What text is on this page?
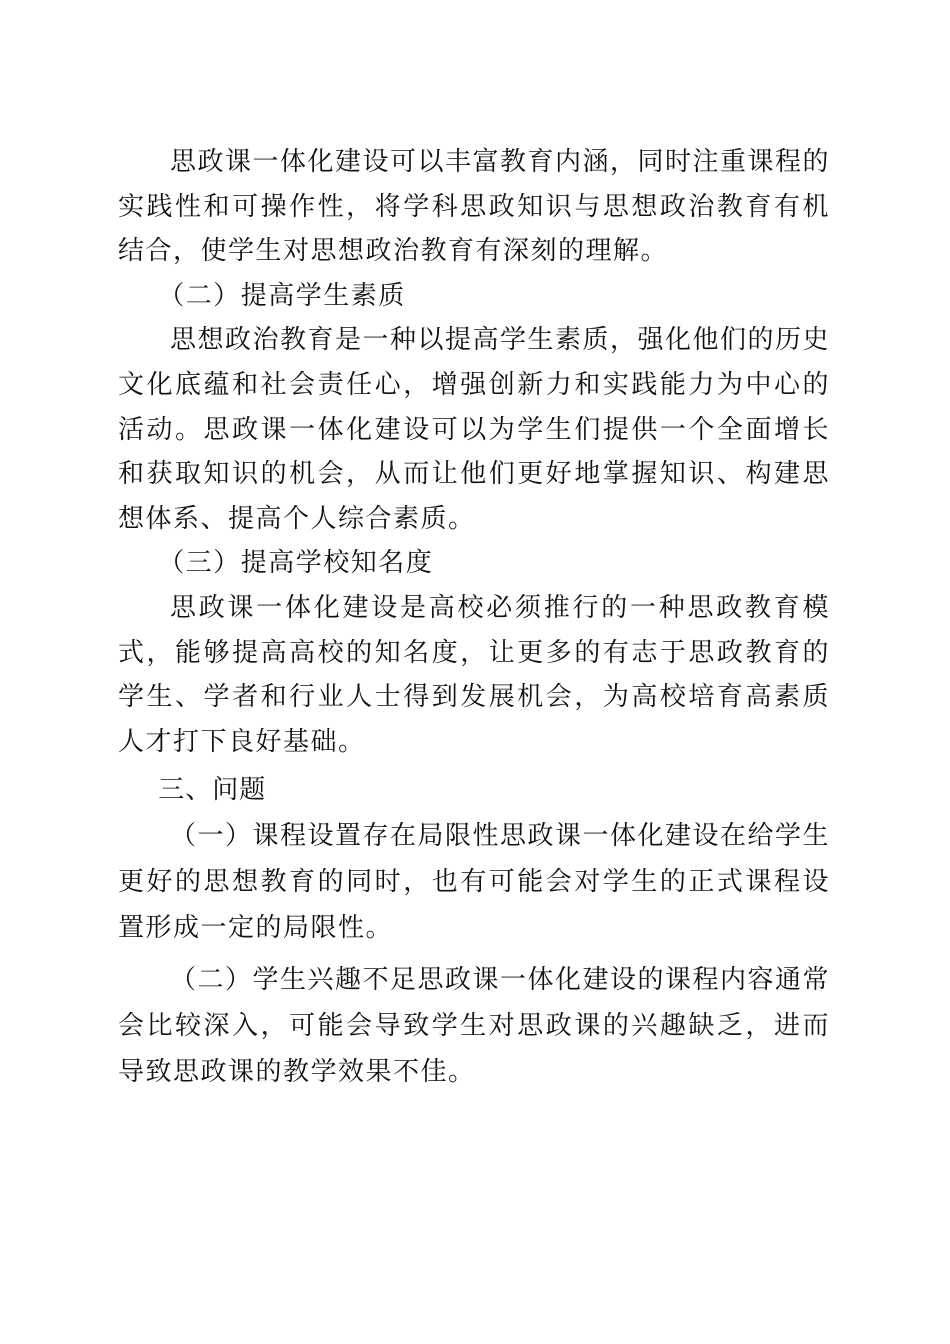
思政课一体化建设可以丰富教育内涵，同时注重课程的实践性和可操作性，将学科思政知识与思想政治教育有机结合，使学生对思想政治教育有深刻的理解。

（二）提高学生素质

思想政治教育是一种以提高学生素质，强化他们的历史文化底蕴和社会责任心，增强创新力和实践能力为中心的活动。思政课一体化建设可以为学生们提供一个全面增长和获取知识的机会，从而让他们更好地掌握知识、构建思想体系、提高个人综合素质。

（三）提高学校知名度

思政课一体化建设是高校必须推行的一种思政教育模式，能够提高高校的知名度，让更多的有志于思政教育的学生、学者和行业人士得到发展机会，为高校培育高素质人才打下良好基础。

三、问题

（一）课程设置存在局限性思政课一体化建设在给学生更好的思想教育的同时，也有可能会对学生的正式课程设置形成一定的局限性。

（二）学生兴趣不足思政课一体化建设的课程内容通常会比较深入，可能会导致学生对思政课的兴趣缺乏，进而导致思政课的教学效果不佳。
